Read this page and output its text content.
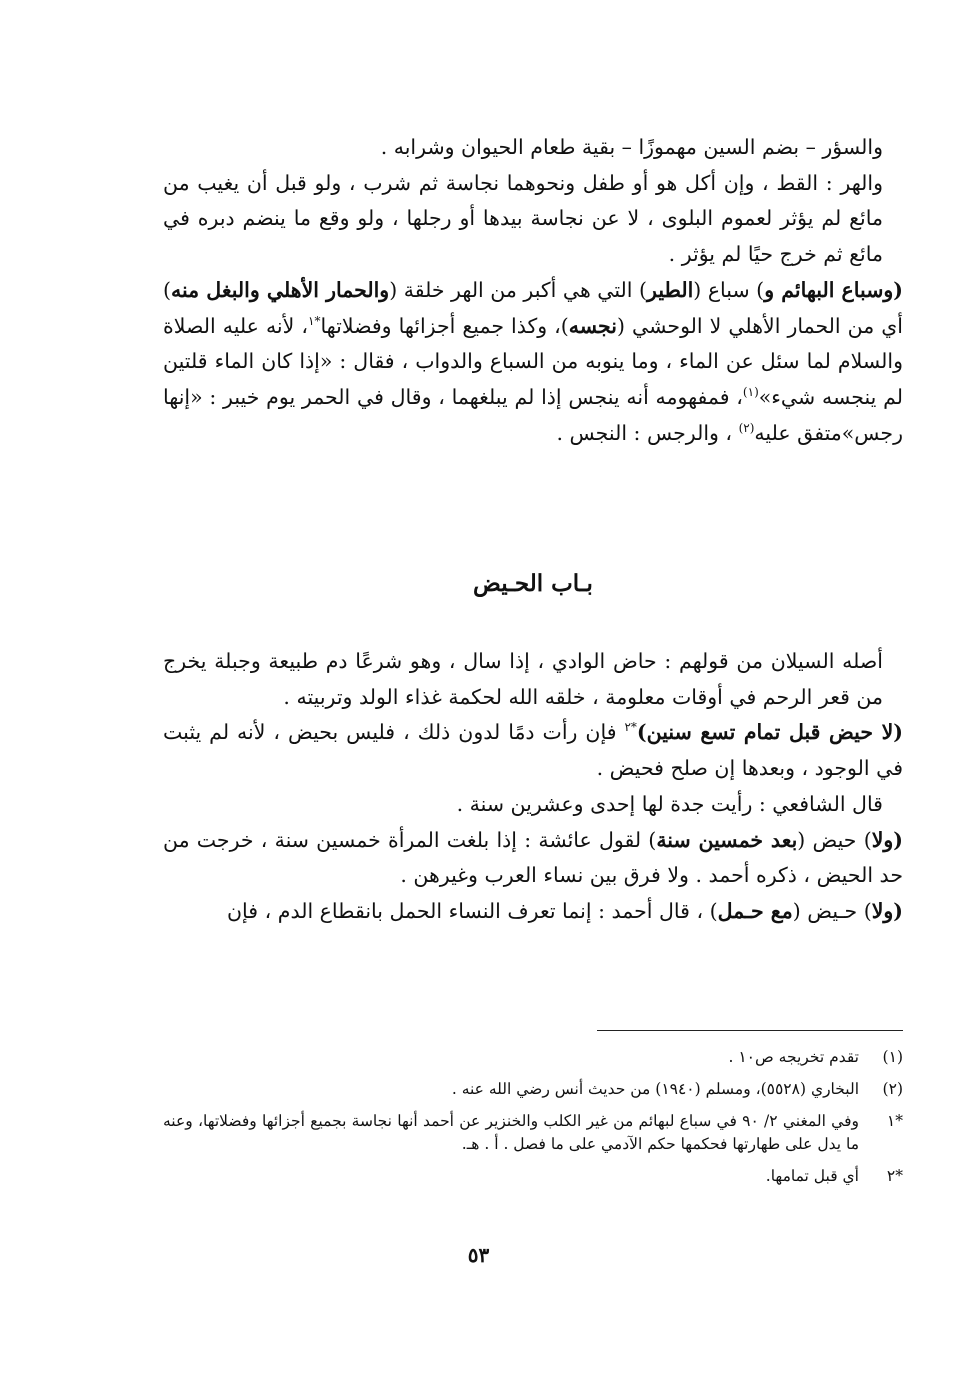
والسؤر – بضم السين مهموزًا – بقية طعام الحيوان وشرابه .

والهر : القط ، وإن أكل هو أو طفل ونحوهما نجاسة ثم شرب ، ولو قبل أن يغيب من مائع لم يؤثر لعموم البلوى ، لا عن نجاسة بيدها أو رجلها ، ولو وقع ما ينضم دبره في مائع ثم خرج حيًا لم يؤثر .

(وسباع البهائم و) سباع (الطير) التي هي أكبر من الهر خلقة (والحمار الأهلي والبغل منه) أي من الحمار الأهلي لا الوحشي (نجسه)، وكذا جميع أجزائها وفضلاتها$^{*١}$، لأنه عليه الصلاة والسلام لما سئل عن الماء ، وما ينوبه من السباع والدواب ، فقال : «إذا كان الماء قلتين لم ينجسه شيء»$^{(١)}$، فمفهومه أنه ينجس إذا لم يبلغهما ، وقال في الحمر يوم خيبر : «إنها رجس»متفق عليه$^{(٢)}$ ، والرجس : النجس .

بـاب الحـيض

أصله السيلان من قولهم : حاض الوادي ، إذا سال ، وهو شرعًا دم طبيعة وجبلة يخرج من قعر الرحم في أوقات معلومة ، خلقه الله لحكمة غذاء الولد وتربيته .

(لا حيض قبل تمام تسع سنين)$^{*٢}$ فإن رأت دمًا لدون ذلك ، فليس بحيض ، لأنه لم يثبت في الوجود ، وبعدها إن صلح فحيض .

قال الشافعي : رأيت جدة لها إحدى وعشرين سنة .

(ولا) حيض (بعد خمسين سنة) لقول عائشة : إذا بلغت المرأة خمسين سنة ، خرجت من حد الحيض ، ذكره أحمد . ولا فرق بين نساء العرب وغيرهن .

(ولا) حـيض (مع حـمل) ، قال أحمد : إنما تعرف النساء الحمل بانقطاع الدم ، فإن

(١)
تقدم تخريجه ص١٠ .
(٢)
البخاري (٥٥٢٨)، ومسلم (١٩٤٠) من حديث أنس رضي الله عنه .
*١
وفي المغني ٢/ ٩٠ في سباع لبهائم من غير الكلب والخنزير عن أحمد أنها نجاسة بجميع أجزائها وفضلاتها، وعنه ما يدل على طهارتها فحكمها حكم الآدمي على ما فصل . أ . هـ.
*٢
أي قبل تمامها.
٥٣
